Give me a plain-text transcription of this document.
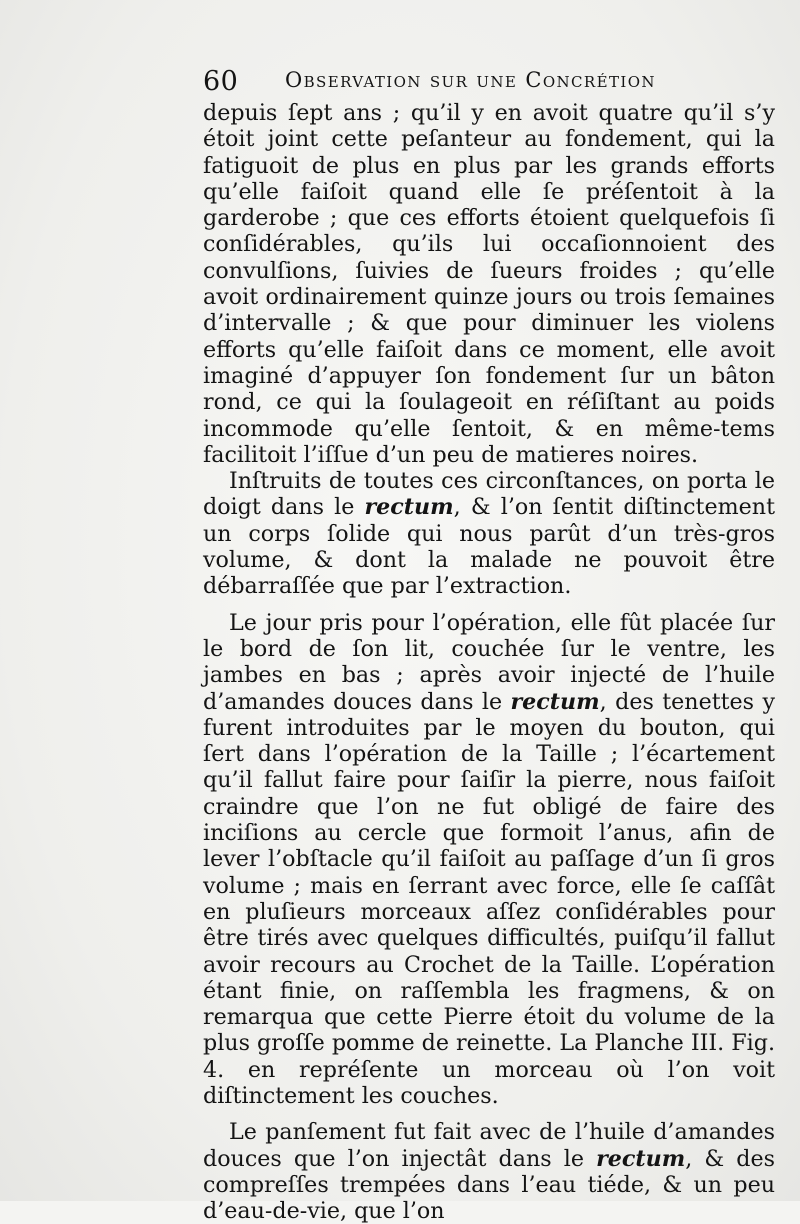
60 Observation sur une Concrétion

depuis ſept ans ; qu’il y en avoit quatre qu’il s’y étoit joint cette peſanteur au fondement, qui la fatiguoit de plus en plus par les grands efforts qu’elle faiſoit quand elle ſe préſentoit à la garderobe ; que ces efforts étoient quelquefois ſi conſidérables, qu’ils lui occaſionnoient des convulſions, ſuivies de ſueurs froides ; qu’elle avoit ordinairement quinze jours ou trois ſemaines d’intervalle ; & que pour diminuer les violens efforts qu’elle faiſoit dans ce moment, elle avoit imaginé d’appuyer ſon fondement ſur un bâton rond, ce qui la ſoulageoit en réſiſtant au poids incommode qu’elle ſentoit, & en même-tems facilitoit l’iſſue d’un peu de matieres noires.

Inſtruits de toutes ces circonſtances, on porta le doigt dans le rectum, & l’on ſentit diſtinctement un corps ſolide qui nous parût d’un très-gros volume, & dont la malade ne pouvoit être débarraſſée que par l’extraction.

Le jour pris pour l’opération, elle fût placée ſur le bord de ſon lit, couchée ſur le ventre, les jambes en bas ; après avoir injecté de l’huile d’amandes douces dans le rectum, des tenettes y furent introduites par le moyen du bouton, qui ſert dans l’opération de la Taille ; l’écartement qu’il fallut faire pour ſaiſir la pierre, nous faiſoit craindre que l’on ne fut obligé de faire des inciſions au cercle que formoit l’anus, afin de lever l’obſtacle qu’il faiſoit au paſſage d’un ſi gros volume ; mais en ſerrant avec force, elle ſe caſſât en pluſieurs morceaux aſſez conſidérables pour être tirés avec quelques difficultés, puiſqu’il fallut avoir recours au Crochet de la Taille. L’opération étant finie, on raſſembla les fragmens, & on remarqua que cette Pierre étoit du volume de la plus groſſe pomme de reinette. La Planche III. Fig. 4. en repréſente un morceau où l’on voit diſtinctement les couches.

Le panſement fut fait avec de l’huile d’amandes douces que l’on injectât dans le rectum, & des compreſſes trempées dans l’eau tiéde, & un peu d’eau-de-vie, que l’on
